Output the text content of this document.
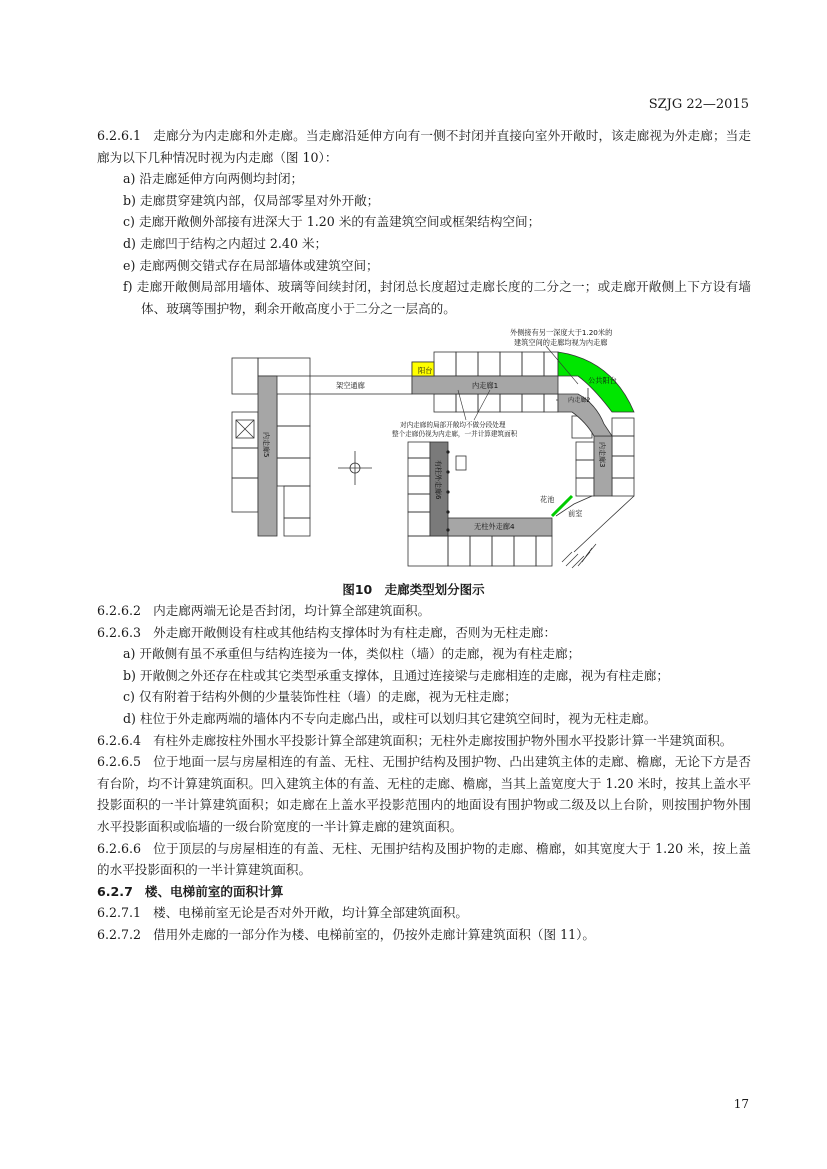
SZJG 22—2015

6.2.6.1 走廊分为内走廊和外走廊。当走廊沿延伸方向有一侧不封闭并直接向室外开敞时，该走廊视为外走廊；当走廊为以下几种情况时视为内走廊（图 10）：

a) 沿走廊延伸方向两侧均封闭；

b) 走廊贯穿建筑内部，仅局部零星对外开敞；

c) 走廊开敞侧外部接有进深大于 1.20 米的有盖建筑空间或框架结构空间；

d) 走廊凹于结构之内超过 2.40 米；

e) 走廊两侧交错式存在局部墙体或建筑空间；

f) 走廊开敞侧局部用墙体、玻璃等间续封闭，封闭总长度超过走廊长度的二分之一；或走廊开敞侧上下方设有墙体、玻璃等围护物，剩余开敞高度小于二分之一层高的。

外侧接有另一深度大于1.20米的
建筑空间的走廊均视为内走廊
阳台
公共阳台
架空通廊	内走廊1
内走廊2
对内走廊的局部开敞均不做分段处理
整个走廊仍视为内走廊，一并计算建筑面积
无柱外走廊4
花池
前室
内走廊5
有柱外走廊6
内走廊3
图10 走廊类型划分图示

6.2.6.2 内走廊两端无论是否封闭，均计算全部建筑面积。

6.2.6.3 外走廊开敞侧设有柱或其他结构支撑体时为有柱走廊，否则为无柱走廊：

a) 开敞侧有虽不承重但与结构连接为一体，类似柱（墙）的走廊，视为有柱走廊；

b) 开敞侧之外还存在柱或其它类型承重支撑体，且通过连接梁与走廊相连的走廊，视为有柱走廊；

c) 仅有附着于结构外侧的少量装饰性柱（墙）的走廊，视为无柱走廊；

d) 柱位于外走廊两端的墙体内不专向走廊凸出，或柱可以划归其它建筑空间时，视为无柱走廊。

6.2.6.4 有柱外走廊按柱外围水平投影计算全部建筑面积；无柱外走廊按围护物外围水平投影计算一半建筑面积。

6.2.6.5 位于地面一层与房屋相连的有盖、无柱、无围护结构及围护物、凸出建筑主体的走廊、檐廊，无论下方是否有台阶，均不计算建筑面积。凹入建筑主体的有盖、无柱的走廊、檐廊，当其上盖宽度大于 1.20 米时，按其上盖水平投影面积的一半计算建筑面积；如走廊在上盖水平投影范围内的地面设有围护物或二级及以上台阶，则按围护物外围水平投影面积或临墙的一级台阶宽度的一半计算走廊的建筑面积。

6.2.6.6 位于顶层的与房屋相连的有盖、无柱、无围护结构及围护物的走廊、檐廊，如其宽度大于 1.20 米，按上盖的水平投影面积的一半计算建筑面积。

6.2.7 楼、电梯前室的面积计算

6.2.7.1 楼、电梯前室无论是否对外开敞，均计算全部建筑面积。

6.2.7.2 借用外走廊的一部分作为楼、电梯前室的，仍按外走廊计算建筑面积（图 11）。

17
